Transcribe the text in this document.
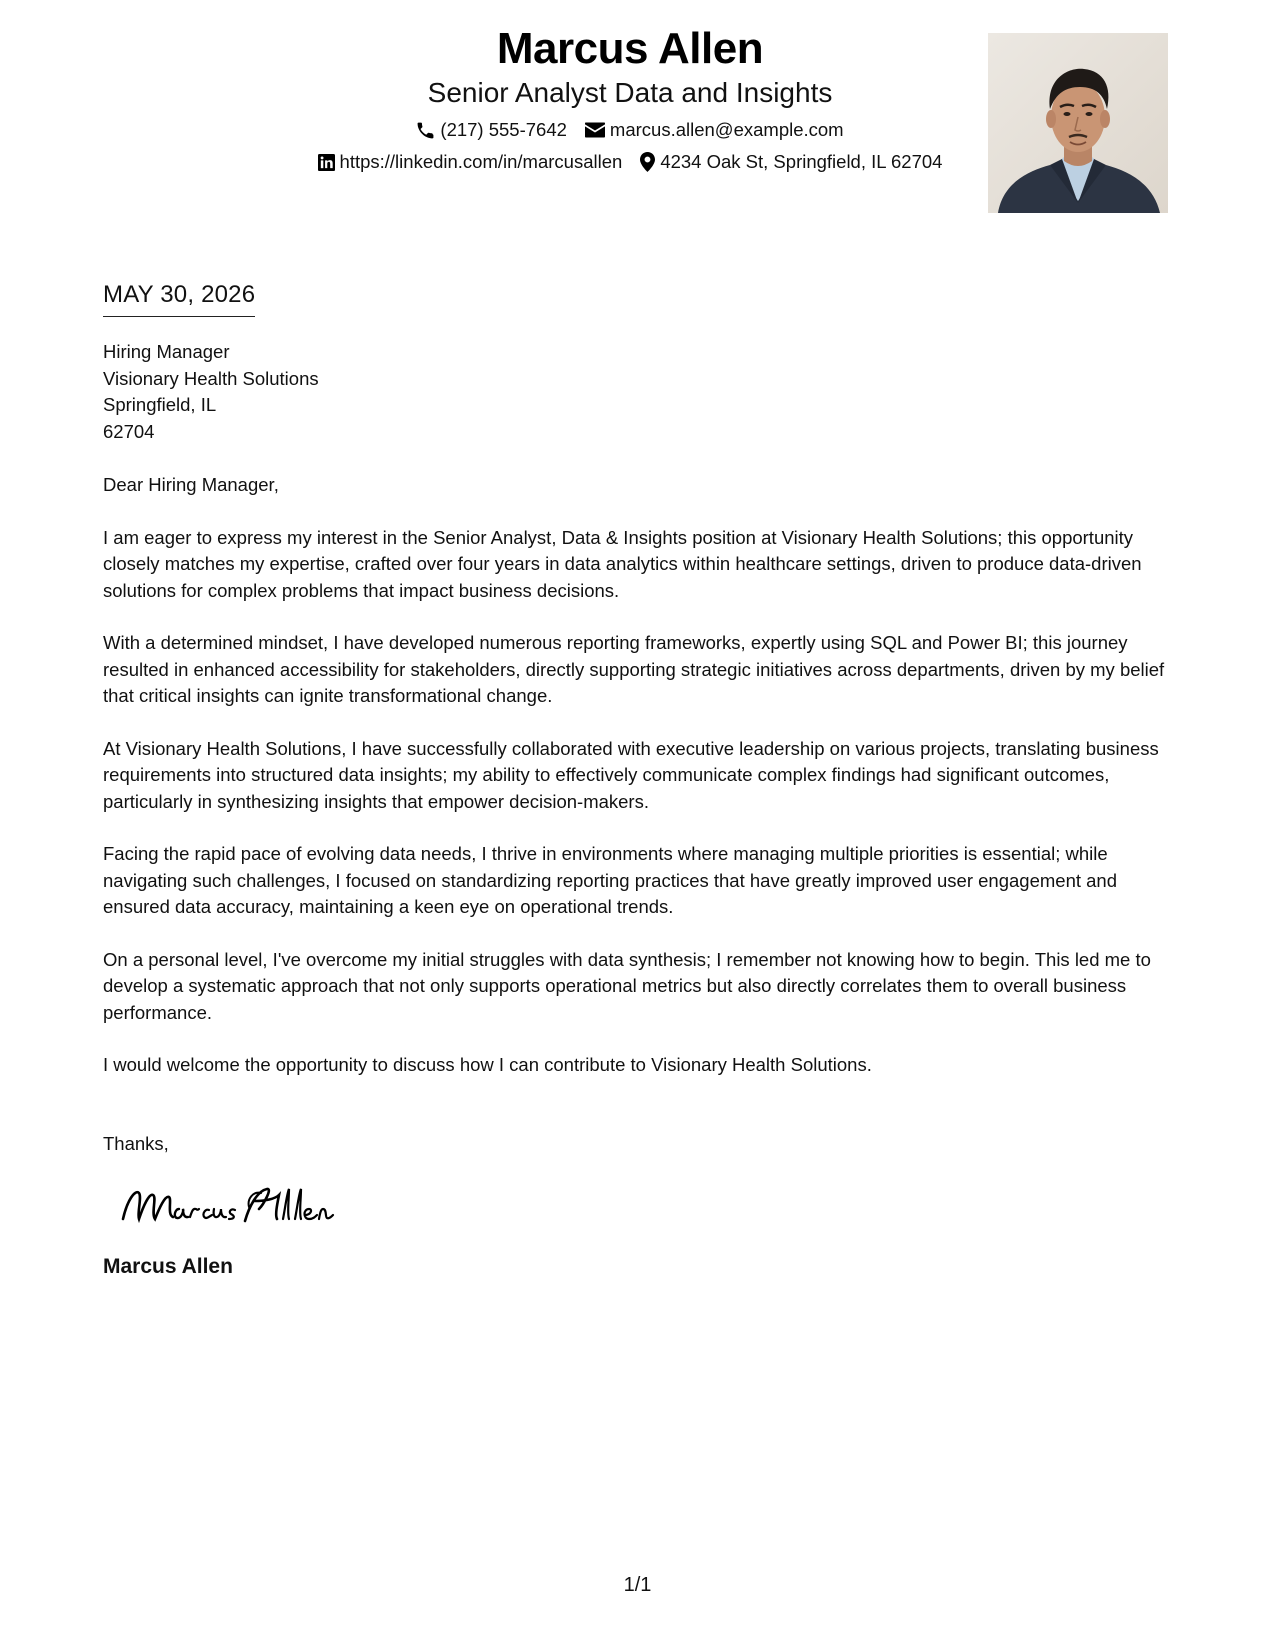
Marcus Allen
Senior Analyst Data and Insights
(217) 555-7642 marcus.allen@example.com
https://linkedin.com/in/marcusallen 4234 Oak St, Springfield, IL 62704
MAY 30, 2026
Hiring Manager
Visionary Health Solutions
Springfield, IL
62704
Dear Hiring Manager,

I am eager to express my interest in the Senior Analyst, Data & Insights position at Visionary Health Solutions; this opportunity closely matches my expertise, crafted over four years in data analytics within healthcare settings, driven to produce data-driven solutions for complex problems that impact business decisions.

With a determined mindset, I have developed numerous reporting frameworks, expertly using SQL and Power BI; this journey resulted in enhanced accessibility for stakeholders, directly supporting strategic initiatives across departments, driven by my belief that critical insights can ignite transformational change.

At Visionary Health Solutions, I have successfully collaborated with executive leadership on various projects, translating business requirements into structured data insights; my ability to effectively communicate complex findings had significant outcomes, particularly in synthesizing insights that empower decision-makers.

Facing the rapid pace of evolving data needs, I thrive in environments where managing multiple priorities is essential; while navigating such challenges, I focused on standardizing reporting practices that have greatly improved user engagement and ensured data accuracy, maintaining a keen eye on operational trends.

On a personal level, I've overcome my initial struggles with data synthesis; I remember not knowing how to begin. This led me to develop a systematic approach that not only supports operational metrics but also directly correlates them to overall business performance.

I would welcome the opportunity to discuss how I can contribute to Visionary Health Solutions.

Thanks,
Marcus Allen
1/1
